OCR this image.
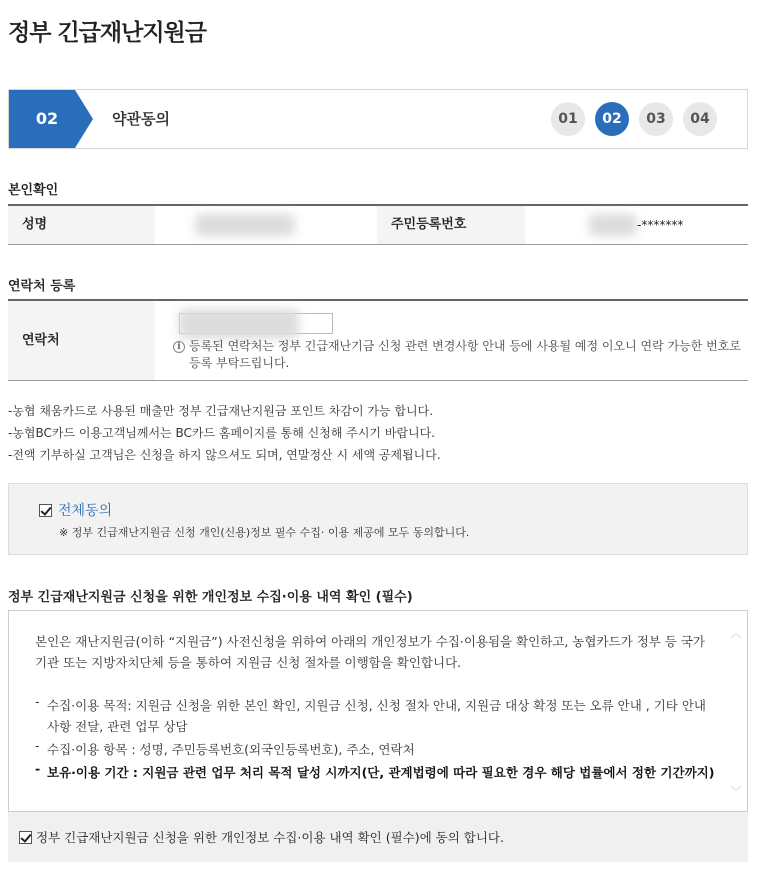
정부 긴급재난지원금
02	약관동의	01	02	03	04
본인확인
성명	주민등록번호	-*******
연락처 등록
연락처	i 등록된 연락처는 정부 긴급재난기금 신청 관련 변경사항 안내 등에 사용될 예정 이오니 연락 가능한 번호로 등록 부탁드립니다.
-농협 채움카드로 사용된 매출만 정부 긴급재난지원금 포인트 차감이 가능 합니다.
-농협BC카드 이용고객님께서는 BC카드 홈페이지를 통해 신청해 주시기 바랍니다.
-전액 기부하실 고객님은 신청을 하지 않으셔도 되며, 연말정산 시 세액 공제됩니다.
전체동의
※ 정부 긴급재난지원금 신청 개인(신용)정보 필수 수집· 이용 제공에 모두 동의합니다.
정부 긴급재난지원금 신청을 위한 개인정보 수집·이용 내역 확인 (필수)
본인은 재난지원금(이하 “지원금”) 사전신청을 위하여 아래의 개인정보가 수집·이용됨을 확인하고, 농협카드가 정부 등 국가기관 또는 지방자치단체 등을 통하여 지원금 신청 절차를 이행함을 확인합니다.
- 수집·이용 목적: 지원금 신청을 위한 본인 확인, 지원금 신청, 신청 절차 안내, 지원금 대상 확정 또는 오류 안내 , 기타 안내사항 전달, 관련 업무 상담
- 수집·이용 항목 : 성명, 주민등록번호(외국인등록번호), 주소, 연락처
- 보유·이용 기간 : 지원금 관련 업무 처리 목적 달성 시까지(단, 관계법령에 따라 필요한 경우 해당 법률에서 정한 기간까지)
︿
﹀
정부 긴급재난지원금 신청을 위한 개인정보 수집·이용 내역 확인 (필수)에 동의 합니다.
